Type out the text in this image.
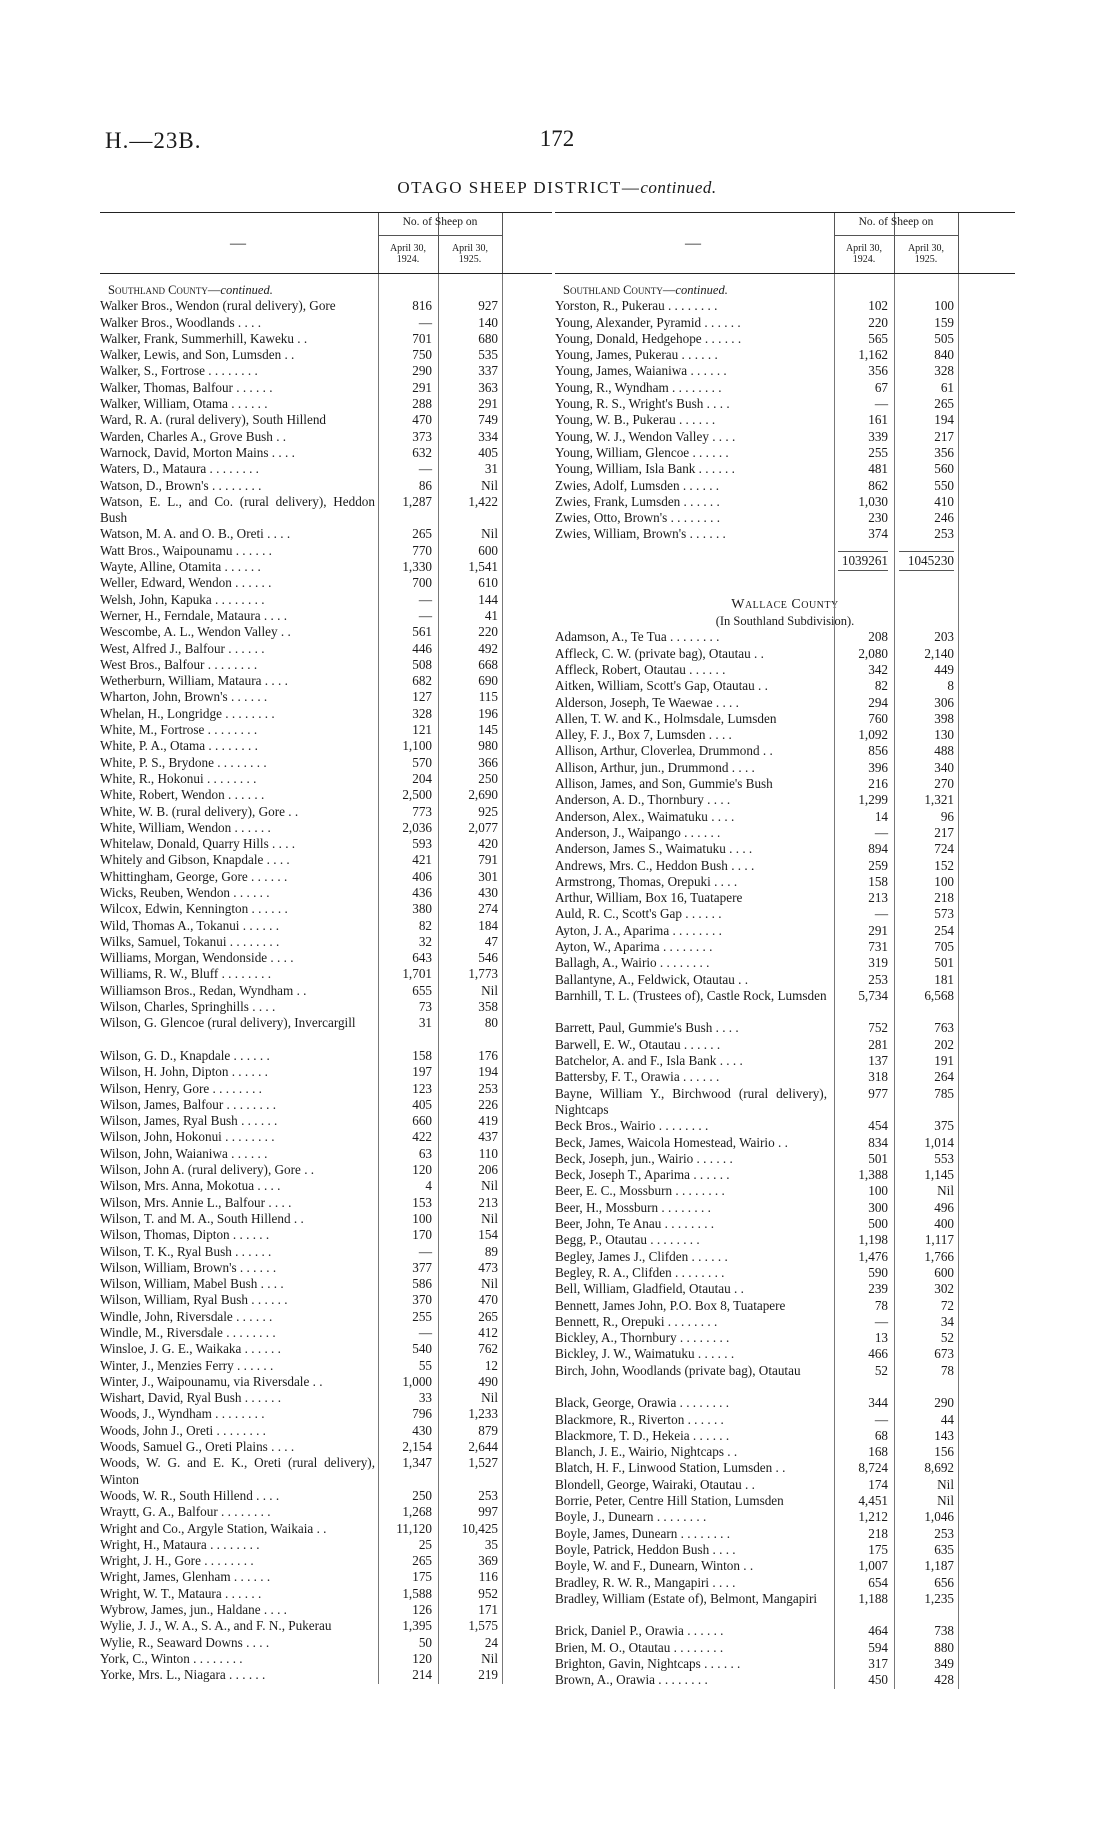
H.—23B.	172
OTAGO SHEEP DISTRICT—continued.
—
No. of Sheep on
April 30, 1924.
April 30, 1925.
Southland County—continued.
Walker Bros., Wendon (rural delivery), Gore	816	927
Walker Bros., Woodlands . . . .	—	140
Walker, Frank, Summerhill, Kaweku . .	701	680
Walker, Lewis, and Son, Lumsden . .	750	535
Walker, S., Fortrose . . . . . . . .	290	337
Walker, Thomas, Balfour . . . . . .	291	363
Walker, William, Otama . . . . . .	288	291
Ward, R. A. (rural delivery), South Hillend	470	749
Warden, Charles A., Grove Bush . .	373	334
Warnock, David, Morton Mains . . . .	632	405
Waters, D., Mataura . . . . . . . .	—	31
Watson, D., Brown's . . . . . . . .	86	Nil
Watson, E. L., and Co. (rural delivery), Heddon Bush
1,287	1,422
Watson, M. A. and O. B., Oreti . . . .	265	Nil
Watt Bros., Waipounamu . . . . . .	770	600
Wayte, Alline, Otamita . . . . . .	1,330	1,541
Weller, Edward, Wendon . . . . . .	700	610
Welsh, John, Kapuka . . . . . . . .	—	144
Werner, H., Ferndale, Mataura . . . .	—	41
Wescombe, A. L., Wendon Valley . .	561	220
West, Alfred J., Balfour . . . . . .	446	492
West Bros., Balfour . . . . . . . .	508	668
Wetherburn, William, Mataura . . . .	682	690
Wharton, John, Brown's . . . . . .	127	115
Whelan, H., Longridge . . . . . . . .	328	196
White, M., Fortrose . . . . . . . .	121	145
White, P. A., Otama . . . . . . . .	1,100	980
White, P. S., Brydone . . . . . . . .	570	366
White, R., Hokonui . . . . . . . .	204	250
White, Robert, Wendon . . . . . .	2,500	2,690
White, W. B. (rural delivery), Gore . .	773	925
White, William, Wendon . . . . . .	2,036	2,077
Whitelaw, Donald, Quarry Hills . . . .	593	420
Whitely and Gibson, Knapdale . . . .	421	791
Whittingham, George, Gore . . . . . .	406	301
Wicks, Reuben, Wendon . . . . . .	436	430
Wilcox, Edwin, Kennington . . . . . .	380	274
Wild, Thomas A., Tokanui . . . . . .	82	184
Wilks, Samuel, Tokanui . . . . . . . .	32	47
Williams, Morgan, Wendonside . . . .	643	546
Williams, R. W., Bluff . . . . . . . .	1,701	1,773
Williamson Bros., Redan, Wyndham . .	655	Nil
Wilson, Charles, Springhills . . . .	73	358
Wilson, G. Glencoe (rural delivery), Invercargill	31	80
Wilson, G. D., Knapdale . . . . . .	158	176
Wilson, H. John, Dipton . . . . . .	197	194
Wilson, Henry, Gore . . . . . . . .	123	253
Wilson, James, Balfour . . . . . . . .	405	226
Wilson, James, Ryal Bush . . . . . .	660	419
Wilson, John, Hokonui . . . . . . . .	422	437
Wilson, John, Waianiwa . . . . . .	63	110
Wilson, John A. (rural delivery), Gore . .	120	206
Wilson, Mrs. Anna, Mokotua . . . .	4	Nil
Wilson, Mrs. Annie L., Balfour . . . .	153	213
Wilson, T. and M. A., South Hillend . .	100	Nil
Wilson, Thomas, Dipton . . . . . .	170	154
Wilson, T. K., Ryal Bush . . . . . .	—	89
Wilson, William, Brown's . . . . . .	377	473
Wilson, William, Mabel Bush . . . .	586	Nil
Wilson, William, Ryal Bush . . . . . .	370	470
Windle, John, Riversdale . . . . . .	255	265
Windle, M., Riversdale . . . . . . . .	—	412
Winsloe, J. G. E., Waikaka . . . . . .	540	762
Winter, J., Menzies Ferry . . . . . .	55	12
Winter, J., Waipounamu, via Riversdale . .	1,000	490
Wishart, David, Ryal Bush . . . . . .	33	Nil
Woods, J., Wyndham . . . . . . . .	796	1,233
Woods, John J., Oreti . . . . . . . .	430	879
Woods, Samuel G., Oreti Plains . . . .	2,154	2,644
Woods, W. G. and E. K., Oreti (rural delivery), Winton
1,347	1,527
Woods, W. R., South Hillend . . . .	250	253
Wraytt, G. A., Balfour . . . . . . . .	1,268	997
Wright and Co., Argyle Station, Waikaia . .	11,120	10,425
Wright, H., Mataura . . . . . . . .	25	35
Wright, J. H., Gore . . . . . . . .	265	369
Wright, James, Glenham . . . . . .	175	116
Wright, W. T., Mataura . . . . . .	1,588	952
Wybrow, James, jun., Haldane . . . .	126	171
Wylie, J. J., W. A., S. A., and F. N., Pukerau	1,395	1,575
Wylie, R., Seaward Downs . . . .	50	24
York, C., Winton . . . . . . . .	120	Nil
Yorke, Mrs. L., Niagara . . . . . .	214	219
—
No. of Sheep on
April 30, 1924.
April 30, 1925.
Southland County—continued.
Yorston, R., Pukerau . . . . . . . .	102	100
Young, Alexander, Pyramid . . . . . .	220	159
Young, Donald, Hedgehope . . . . . .	565	505
Young, James, Pukerau . . . . . .	1,162	840
Young, James, Waianiwa . . . . . .	356	328
Young, R., Wyndham . . . . . . . .	67	61
Young, R. S., Wright's Bush . . . .	—	265
Young, W. B., Pukerau . . . . . .	161	194
Young, W. J., Wendon Valley . . . .	339	217
Young, William, Glencoe . . . . . .	255	356
Young, William, Isla Bank . . . . . .	481	560
Zwies, Adolf, Lumsden . . . . . .	862	550
Zwies, Frank, Lumsden . . . . . .	1,030	410
Zwies, Otto, Brown's . . . . . . . .	230	246
Zwies, William, Brown's . . . . . .	374	253
1039261	1045230
Wallace County
(In Southland Subdivision).
Adamson, A., Te Tua . . . . . . . .	208	203
Affleck, C. W. (private bag), Otautau . .	2,080	2,140
Affleck, Robert, Otautau . . . . . .	342	449
Aitken, William, Scott's Gap, Otautau . .	82	8
Alderson, Joseph, Te Waewae . . . .	294	306
Allen, T. W. and K., Holmsdale, Lumsden	760	398
Alley, F. J., Box 7, Lumsden . . . .	1,092	130
Allison, Arthur, Cloverlea, Drummond . .	856	488
Allison, Arthur, jun., Drummond . . . .	396	340
Allison, James, and Son, Gummie's Bush	216	270
Anderson, A. D., Thornbury . . . .	1,299	1,321
Anderson, Alex., Waimatuku . . . .	14	96
Anderson, J., Waipango . . . . . .	—	217
Anderson, James S., Waimatuku . . . .	894	724
Andrews, Mrs. C., Heddon Bush . . . .	259	152
Armstrong, Thomas, Orepuki . . . .	158	100
Arthur, William, Box 16, Tuatapere	213	218
Auld, R. C., Scott's Gap . . . . . .	—	573
Ayton, J. A., Aparima . . . . . . . .	291	254
Ayton, W., Aparima . . . . . . . .	731	705
Ballagh, A., Wairio . . . . . . . .	319	501
Ballantyne, A., Feldwick, Otautau . .	253	181
Barnhill, T. L. (Trustees of), Castle Rock, Lumsden	5,734	6,568
Barrett, Paul, Gummie's Bush . . . .	752	763
Barwell, E. W., Otautau . . . . . .	281	202
Batchelor, A. and F., Isla Bank . . . .	137	191
Battersby, F. T., Orawia . . . . . .	318	264
Bayne, William Y., Birchwood (rural delivery), Nightcaps
977	785
Beck Bros., Wairio . . . . . . . .	454	375
Beck, James, Waicola Homestead, Wairio . .	834	1,014
Beck, Joseph, jun., Wairio . . . . . .	501	553
Beck, Joseph T., Aparima . . . . . .	1,388	1,145
Beer, E. C., Mossburn . . . . . . . .	100	Nil
Beer, H., Mossburn . . . . . . . .	300	496
Beer, John, Te Anau . . . . . . . .	500	400
Begg, P., Otautau . . . . . . . .	1,198	1,117
Begley, James J., Clifden . . . . . .	1,476	1,766
Begley, R. A., Clifden . . . . . . . .	590	600
Bell, William, Gladfield, Otautau . .	239	302
Bennett, James John, P.O. Box 8, Tuatapere	78	72
Bennett, R., Orepuki . . . . . . . .	—	34
Bickley, A., Thornbury . . . . . . . .	13	52
Bickley, J. W., Waimatuku . . . . . .	466	673
Birch, John, Woodlands (private bag), Otautau	52	78
Black, George, Orawia . . . . . . . .	344	290
Blackmore, R., Riverton . . . . . .	—	44
Blackmore, T. D., Hekeia . . . . . .	68	143
Blanch, J. E., Wairio, Nightcaps . .	168	156
Blatch, H. F., Linwood Station, Lumsden . .	8,724	8,692
Blondell, George, Wairaki, Otautau . .	174	Nil
Borrie, Peter, Centre Hill Station, Lumsden	4,451	Nil
Boyle, J., Dunearn . . . . . . . .	1,212	1,046
Boyle, James, Dunearn . . . . . . . .	218	253
Boyle, Patrick, Heddon Bush . . . .	175	635
Boyle, W. and F., Dunearn, Winton . .	1,007	1,187
Bradley, R. W. R., Mangapiri . . . .	654	656
Bradley, William (Estate of), Belmont, Mangapiri	1,188	1,235
Brick, Daniel P., Orawia . . . . . .	464	738
Brien, M. O., Otautau . . . . . . . .	594	880
Brighton, Gavin, Nightcaps . . . . . .	317	349
Brown, A., Orawia . . . . . . . .	450	428
